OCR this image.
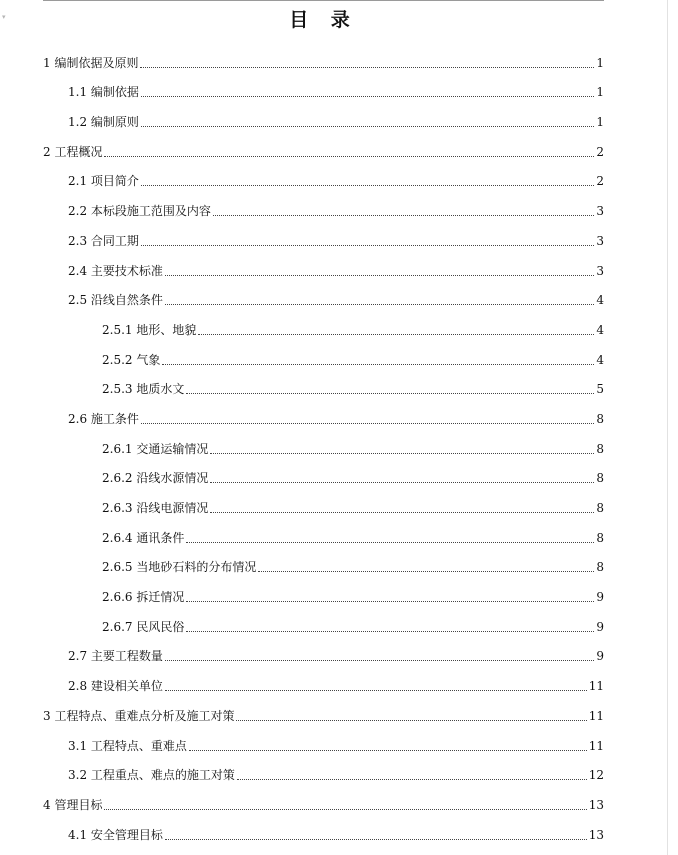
▾	目 录
1 编制依据及原则	1
1.1 编制依据	1
1.2 编制原则	1
2 工程概况	2
2.1 项目简介	2
2.2 本标段施工范围及内容	3
2.3 合同工期	3
2.4 主要技术标准	3
2.5 沿线自然条件	4
2.5.1 地形、地貌	4
2.5.2 气象	4
2.5.3 地质水文	5
2.6 施工条件	8
2.6.1 交通运输情况	8
2.6.2 沿线水源情况	8
2.6.3 沿线电源情况	8
2.6.4 通讯条件	8
2.6.5 当地砂石料的分布情况	8
2.6.6 拆迁情况	9
2.6.7 民风民俗	9
2.7 主要工程数量	9
2.8 建设相关单位	11
3 工程特点、重难点分析及施工对策	11
3.1 工程特点、重难点	11
3.2 工程重点、难点的施工对策	12
4 管理目标	13
4.1 安全管理目标	13
